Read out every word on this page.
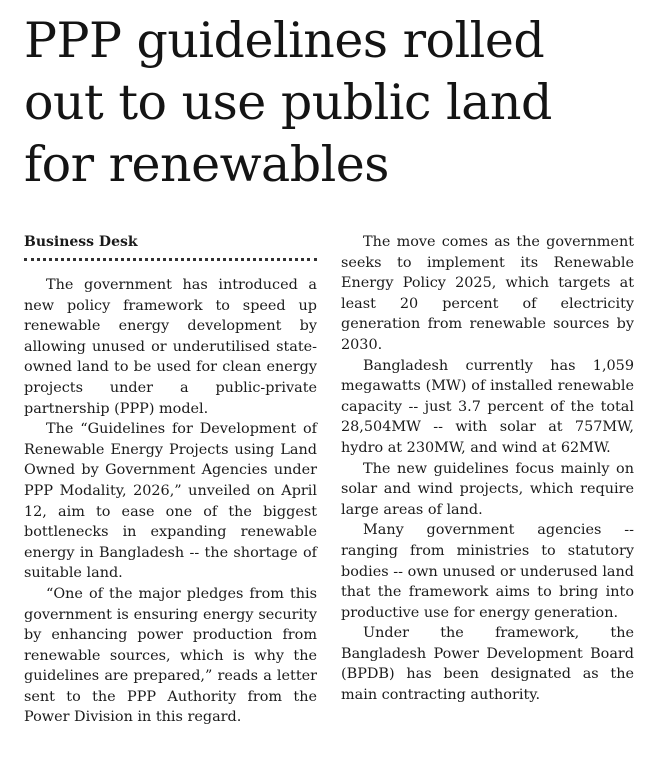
PPP guidelines rolled out to use public land for renewables
Business Desk

The government has introduced a new policy framework to speed up renewable energy development by allowing unused or underutilised state-owned land to be used for clean energy projects under a public-private partnership (PPP) model.

The “Guidelines for Development of Renewable Energy Projects using Land Owned by Government Agencies under PPP Modality, 2026,” unveiled on April 12, aim to ease one of the biggest bottlenecks in expanding renewable energy in Bangladesh -- the shortage of suitable land.

“One of the major pledges from this government is ensuring energy security by enhancing power production from renewable sources, which is why the guidelines are prepared,” reads a letter sent to the PPP Authority from the Power Division in this regard.

The move comes as the government seeks to implement its Renewable Energy Policy 2025, which targets at least 20 percent of electricity generation from renewable sources by 2030.

Bangladesh currently has 1,059 megawatts (MW) of installed renewable capacity -- just 3.7 percent of the total 28,504MW -- with solar at 757MW, hydro at 230MW, and wind at 62MW.

The new guidelines focus mainly on solar and wind projects, which require large areas of land.

Many government agencies -- ranging from ministries to statutory bodies -- own unused or underused land that the framework aims to bring into productive use for energy generation.

Under the framework, the Bangladesh Power Development Board (BPDB) has been designated as the main contracting authority.
